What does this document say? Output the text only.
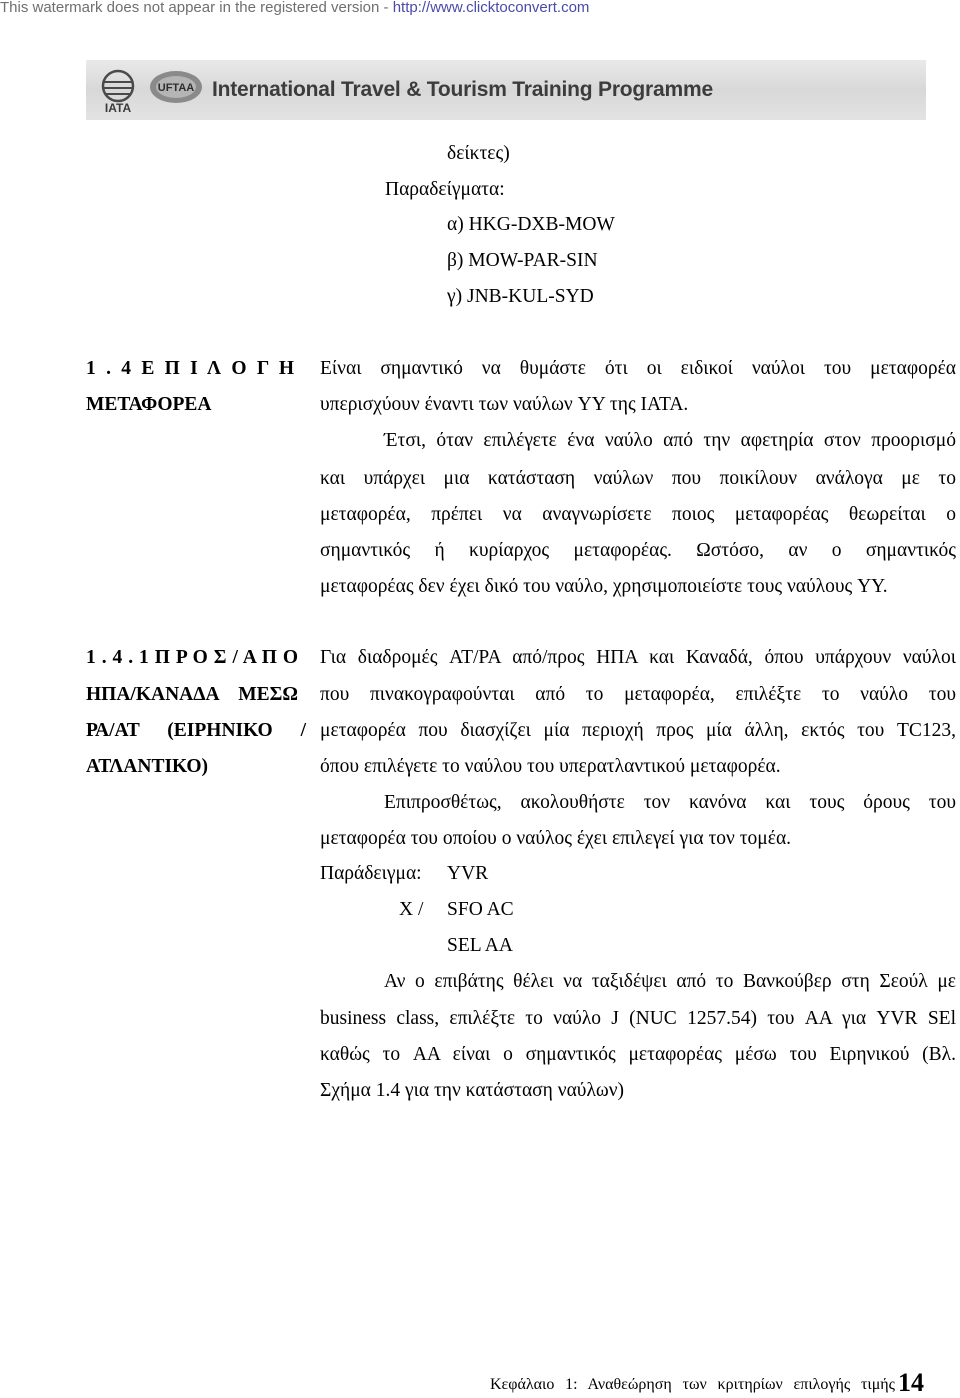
This watermark does not appear in the registered version - http://www.clicktoconvert.com
IATA
UFTAA International Travel & Tourism Training Programme
δείκτες)
Παραδείγματα:
α) HKG-DXB-MOW
β) MOW-PAR-SIN
γ) JNB-KUL-SYD
1 . 4 Ε Π Ι Λ Ο Γ Η
ΜΕΤΑΦΟΡΕΑ
Είναι σημαντικό να θυμάστε ότι οι ειδικοί ναύλοι του μεταφορέα
υπερισχύουν έναντι των ναύλων YY της IATA.
Έτσι, όταν επιλέγετε ένα ναύλο από την αφετηρία στον προορισμό
και υπάρχει μια κατάσταση ναύλων που ποικίλουν ανάλογα με το
μεταφορέα, πρέπει να αναγνωρίσετε ποιος μεταφορέας θεωρείται ο
σημαντικός ή κυρίαρχος μεταφορέας. Ωστόσο, αν ο σημαντικός
μεταφορέας δεν έχει δικό του ναύλο, χρησιμοποιείστε τους ναύλους YY.
1 . 4 . 1 Π Ρ Ο Σ / Α Π Ο
ΗΠΑ/ΚΑΝΑΔΑ ΜΕΣΩ
ΡΑ/ΑΤ (ΕΙΡΗΝΙΚΟ /
ΑΤΛΑΝΤΙΚΟ)
Για διαδρομές AT/PA από/προς ΗΠΑ και Καναδά, όπου υπάρχουν ναύλοι
που πινακογραφούνται από το μεταφορέα, επιλέξτε το ναύλο του
μεταφορέα που διασχίζει μία περιοχή προς μία άλλη, εκτός του TC123,
όπου επιλέγετε το ναύλου του υπερατλαντικού μεταφορέα.
Επιπροσθέτως, ακολουθήστε τον κανόνα και τους όρους του
μεταφορέα του οποίου ο ναύλος έχει επιλεγεί για τον τομέα.
Παράδειγμα: YVR
X / SFO AC
SEL AA
Αν ο επιβάτης θέλει να ταξιδέψει από το Βανκούβερ στη Σεούλ με
business class, επιλέξτε το ναύλο J (NUC 1257.54) του AA για YVR SEl
καθώς το AA είναι ο σημαντικός μεταφορέας μέσω του Ειρηνικού (Βλ.
Σχήμα 1.4 για την κατάσταση ναύλων)
Κεφάλαιο 1: Αναθεώρηση των κριτηρίων επιλογής τιμής 14
